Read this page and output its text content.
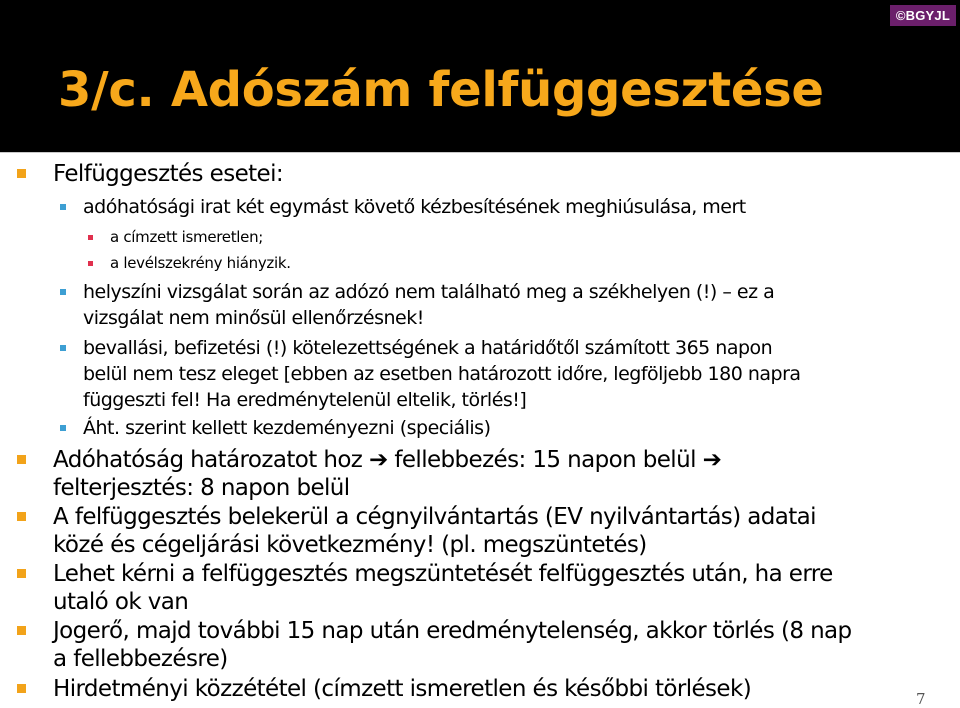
©BGYJL
3/c. Adószám felfüggesztése
Felfüggesztés esetei:
adóhatósági irat két egymást követő kézbesítésének meghiúsulása, mert
a címzett ismeretlen;
a levélszekrény hiányzik.
helyszíni vizsgálat során az adózó nem található meg a székhelyen (!) – ez a
vizsgálat nem minősül ellenőrzésnek!
bevallási, befizetési (!) kötelezettségének a határidőtől számított 365 napon
belül nem tesz eleget [ebben az esetben határozott időre, legföljebb 180 napra
függeszti fel! Ha eredménytelenül eltelik, törlés!]
Áht. szerint kellett kezdeményezni (speciális)
Adóhatóság határozatot hoz ➔ fellebbezés: 15 napon belül ➔
felterjesztés: 8 napon belül
A felfüggesztés belekerül a cégnyilvántartás (EV nyilvántartás) adatai
közé és cégeljárási következmény! (pl. megszüntetés)
Lehet kérni a felfüggesztés megszüntetését felfüggesztés után, ha erre
utaló ok van
Jogerő, majd további 15 nap után eredménytelenség, akkor törlés (8 nap
a fellebbezésre)
Hirdetményi közzététel (címzett ismeretlen és későbbi törlések)	7
